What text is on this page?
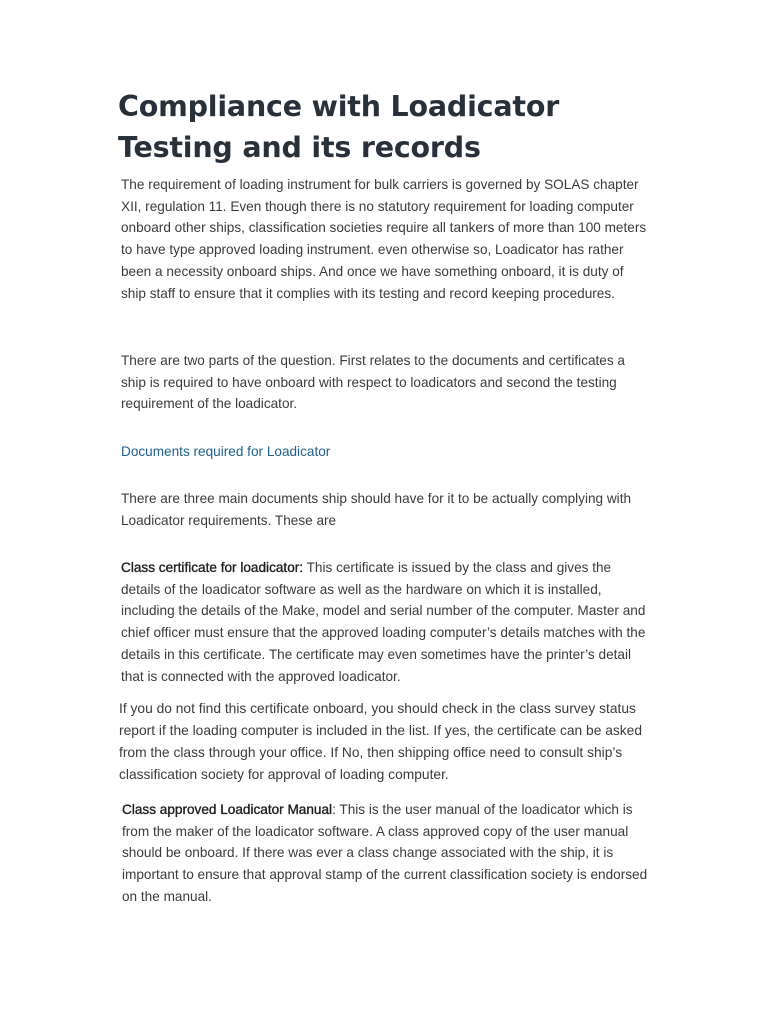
Compliance with Loadicator Testing and its records

The requirement of loading instrument for bulk carriers is governed by SOLAS chapter XII, regulation 11. Even though there is no statutory requirement for loading computer onboard other ships, classification societies require all tankers of more than 100 meters to have type approved loading instrument. even otherwise so, Loadicator has rather been a necessity onboard ships. And once we have something onboard, it is duty of ship staff to ensure that it complies with its testing and record keeping procedures.

There are two parts of the question. First relates to the documents and certificates a ship is required to have onboard with respect to loadicators and second the testing requirement of the loadicator.

Documents required for Loadicator

There are three main documents ship should have for it to be actually complying with Loadicator requirements. These are

Class certificate for loadicator: This certificate is issued by the class and gives the details of the loadicator software as well as the hardware on which it is installed, including the details of the Make, model and serial number of the computer. Master and chief officer must ensure that the approved loading computer’s details matches with the details in this certificate. The certificate may even sometimes have the printer’s detail that is connected with the approved loadicator.

If you do not find this certificate onboard, you should check in the class survey status report if the loading computer is included in the list. If yes, the certificate can be asked from the class through your office. If No, then shipping office need to consult ship’s classification society for approval of loading computer.

Class approved Loadicator Manual: This is the user manual of the loadicator which is from the maker of the loadicator software. A class approved copy of the user manual should be onboard. If there was ever a class change associated with the ship, it is important to ensure that approval stamp of the current classification society is endorsed on the manual.
